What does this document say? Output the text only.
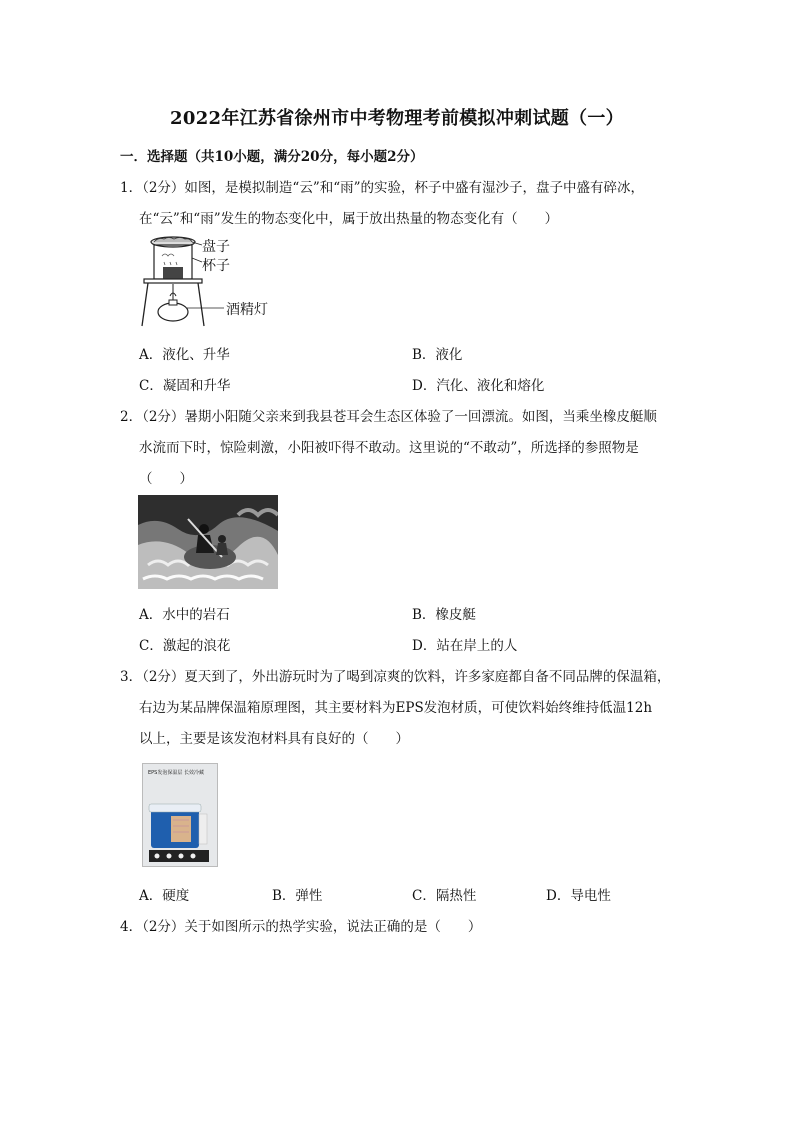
2022年江苏省徐州市中考物理考前模拟冲刺试题（一）
一．选择题（共10小题，满分20分，每小题2分）
1．（2分）如图，是模拟制造“云”和“雨”的实验，杯子中盛有湿沙子，盘子中盛有碎冰，
在“云”和“雨”发生的物态变化中，属于放出热量的物态变化有（　　）
盘子
杯子
酒精灯
A．液化、升华	B．液化
C．凝固和升华	D．汽化、液化和熔化
2．（2分）暑期小阳随父亲来到我县苍耳会生态区体验了一回漂流。如图，当乘坐橡皮艇顺
水流而下时，惊险刺激，小阳被吓得不敢动。这里说的“不敢动”，所选择的参照物是
（　　）
A．水中的岩石	B．橡皮艇
C．激起的浪花	D．站在岸上的人
3．（2分）夏天到了，外出游玩时为了喝到凉爽的饮料，许多家庭都自备不同品牌的保温箱，
右边为某品牌保温箱原理图，其主要材料为EPS发泡材质，可使饮料始终维持低温12h
以上，主要是该发泡材料具有良好的（　　）
EPS发泡保温层 长效冷藏
A．硬度	B．弹性	C．隔热性	D．导电性
4．（2分）关于如图所示的热学实验，说法正确的是（　　）
